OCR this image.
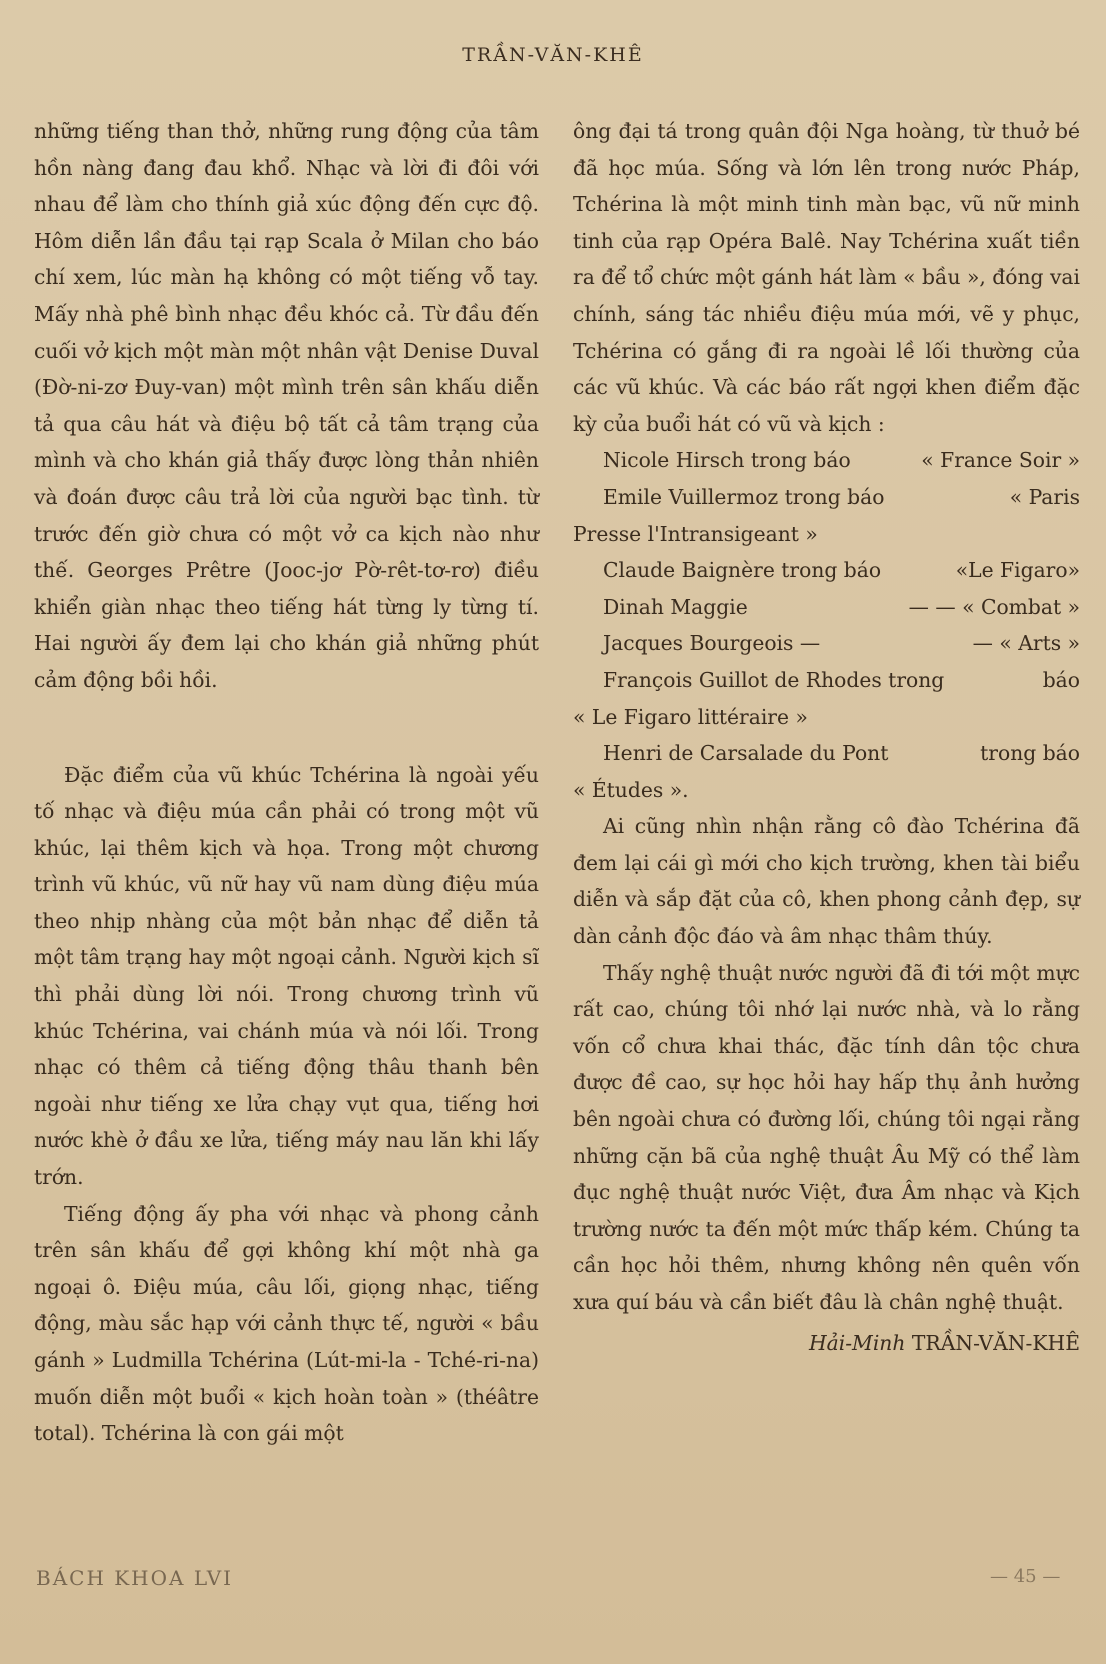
TRẦN-VĂN-KHÊ

những tiếng than thở, những rung động của tâm hồn nàng đang đau khổ. Nhạc và lời đi đôi với nhau để làm cho thính giả xúc động đến cực độ. Hôm diễn lần đầu tại rạp Scala ở Milan cho báo chí xem, lúc màn hạ không có một tiếng vỗ tay. Mấy nhà phê bình nhạc đều khóc cả. Từ đầu đến cuối vở kịch một màn một nhân vật Denise Duval (Đờ-ni-zơ Đuy-van) một mình trên sân khấu diễn tả qua câu hát và điệu bộ tất cả tâm trạng của mình và cho khán giả thấy được lòng thản nhiên và đoán được câu trả lời của người bạc tình. từ trước đến giờ chưa có một vở ca kịch nào như thế. Georges Prêtre (Jooc-jơ Pờ-rêt-tơ-rơ) điều khiển giàn nhạc theo tiếng hát từng ly từng tí. Hai người ấy đem lại cho khán giả những phút cảm động bồi hồi.

Đặc điểm của vũ khúc Tchérina là ngoài yếu tố nhạc và điệu múa cần phải có trong một vũ khúc, lại thêm kịch và họa. Trong một chương trình vũ khúc, vũ nữ hay vũ nam dùng điệu múa theo nhịp nhàng của một bản nhạc để diễn tả một tâm trạng hay một ngoại cảnh. Người kịch sĩ thì phải dùng lời nói. Trong chương trình vũ khúc Tchérina, vai chánh múa và nói lối. Trong nhạc có thêm cả tiếng động thâu thanh bên ngoài như tiếng xe lửa chạy vụt qua, tiếng hơi nước khè ở đầu xe lửa, tiếng máy nau lăn khi lấy trớn.

Tiếng động ấy pha với nhạc và phong cảnh trên sân khấu để gợi không khí một nhà ga ngoại ô. Điệu múa, câu lối, giọng nhạc, tiếng động, màu sắc hạp với cảnh thực tế, người « bầu gánh » Ludmilla Tchérina (Lút-mi-la - Tché-ri-na) muốn diễn một buổi « kịch hoàn toàn » (théâtre total). Tchérina là con gái một

ông đại tá trong quân đội Nga hoàng, từ thuở bé đã học múa. Sống và lớn lên trong nước Pháp, Tchérina là một minh tinh màn bạc, vũ nữ minh tinh của rạp Opéra Balê. Nay Tchérina xuất tiền ra để tổ chức một gánh hát làm « bầu », đóng vai chính, sáng tác nhiều điệu múa mới, vẽ y phục, Tchérina có gắng đi ra ngoài lề lối thường của các vũ khúc. Và các báo rất ngợi khen điểm đặc kỳ của buổi hát có vũ và kịch :

Nicole Hirsch trong báo	« France Soir »
Emile Vuillermoz trong báo	« Paris
Presse l'Intransigeant »
Claude Baignère trong báo	«Le Figaro»
Dinah Maggie	— — « Combat »
Jacques Bourgeois —	— « Arts »
François Guillot de Rhodes trong	báo
« Le Figaro littéraire »
Henri de Carsalade du Pont	trong báo
« Études ».

Ai cũng nhìn nhận rằng cô đào Tchérina đã đem lại cái gì mới cho kịch trường, khen tài biểu diễn và sắp đặt của cô, khen phong cảnh đẹp, sự dàn cảnh độc đáo và âm nhạc thâm thúy.

Thấy nghệ thuật nước người đã đi tới một mực rất cao, chúng tôi nhớ lại nước nhà, và lo rằng vốn cổ chưa khai thác, đặc tính dân tộc chưa được đề cao, sự học hỏi hay hấp thụ ảnh hưởng bên ngoài chưa có đường lối, chúng tôi ngại rằng những cặn bã của nghệ thuật Âu Mỹ có thể làm đục nghệ thuật nước Việt, đưa Âm nhạc và Kịch trường nước ta đến một mức thấp kém. Chúng ta cần học hỏi thêm, nhưng không nên quên vốn xưa quí báu và cần biết đâu là chân nghệ thuật.

Hải-Minh TRẦN-VĂN-KHÊ
BÁCH KHOA LVI	— 45 —
